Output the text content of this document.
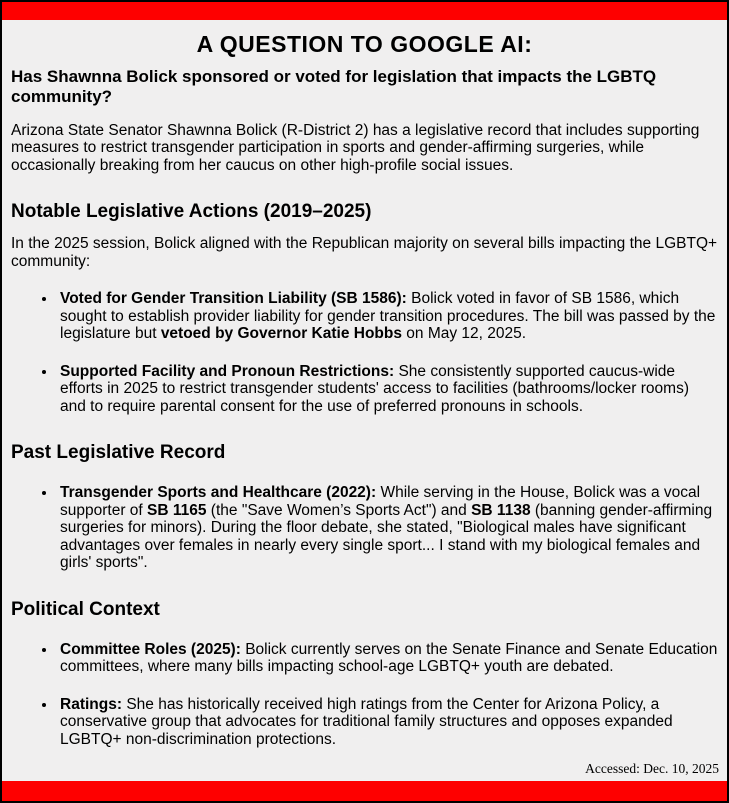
A QUESTION TO GOOGLE AI:
Has Shawnna Bolick sponsored or voted for legislation that impacts the LGBTQ community?

Arizona State Senator Shawnna Bolick (R-District 2) has a legislative record that includes supporting measures to restrict transgender participation in sports and gender-affirming surgeries, while occasionally breaking from her caucus on other high-profile social issues.

Notable Legislative Actions (2019–2025)

In the 2025 session, Bolick aligned with the Republican majority on several bills impacting the LGBTQ+ community:

• Voted for Gender Transition Liability (SB 1586): Bolick voted in favor of SB 1586, which sought to establish provider liability for gender transition procedures. The bill was passed by the legislature but vetoed by Governor Katie Hobbs on May 12, 2025.
• Supported Facility and Pronoun Restrictions: She consistently supported caucus-wide efforts in 2025 to restrict transgender students' access to facilities (bathrooms/locker rooms) and to require parental consent for the use of preferred pronouns in schools.
Past Legislative Record
• Transgender Sports and Healthcare (2022): While serving in the House, Bolick was a vocal supporter of SB 1165 (the "Save Women’s Sports Act") and SB 1138 (banning gender-affirming surgeries for minors). During the floor debate, she stated, "Biological males have significant advantages over females in nearly every single sport... I stand with my biological females and girls' sports".
Political Context
• Committee Roles (2025): Bolick currently serves on the Senate Finance and Senate Education committees, where many bills impacting school-age LGBTQ+ youth are debated.
• Ratings: She has historically received high ratings from the Center for Arizona Policy, a conservative group that advocates for traditional family structures and opposes expanded LGBTQ+ non-discrimination protections.
Accessed: Dec. 10, 2025
